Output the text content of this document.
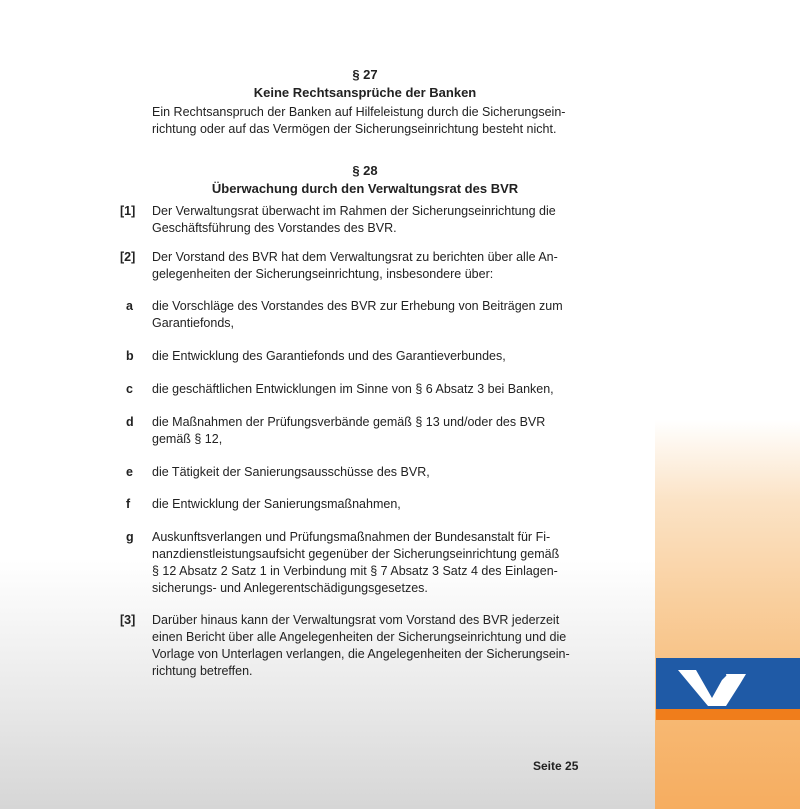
§ 27

Keine Rechtsansprüche der Banken

Ein Rechtsanspruch der Banken auf Hilfeleistung durch die Sicherungsein-
richtung oder auf das Vermögen der Sicherungseinrichtung besteht nicht.

§ 28

Überwachung durch den Verwaltungsrat des BVR

[1]	Der Verwaltungsrat überwacht im Rahmen der Sicherungseinrichtung die
Geschäftsführung des Vorstandes des BVR.

[2]	Der Vorstand des BVR hat dem Verwaltungsrat zu berichten über alle An-
gelegenheiten der Sicherungseinrichtung, insbesondere über:

a	die Vorschläge des Vorstandes des BVR zur Erhebung von Beiträgen zum
Garantiefonds,

b	die Entwicklung des Garantiefonds und des Garantieverbundes,

c	die geschäftlichen Entwicklungen im Sinne von § 6 Absatz 3 bei Banken,

d	die Maßnahmen der Prüfungsverbände gemäß § 13 und/oder des BVR
gemäß § 12,

e	die Tätigkeit der Sanierungsausschüsse des BVR,

f	die Entwicklung der Sanierungsmaßnahmen,

g	Auskunftsverlangen und Prüfungsmaßnahmen der Bundesanstalt für Fi-
nanzdienstleistungsaufsicht gegenüber der Sicherungseinrichtung gemäß
§ 12 Absatz 2 Satz 1 in Verbindung mit § 7 Absatz 3 Satz 4 des Einlagen-
sicherungs- und Anlegerentschädigungsgesetzes.

[3]	Darüber hinaus kann der Verwaltungsrat vom Vorstand des BVR jederzeit
einen Bericht über alle Angelegenheiten der Sicherungseinrichtung und die
Vorlage von Unterlagen verlangen, die Angelegenheiten der Sicherungsein-
richtung betreffen.

Seite 25
